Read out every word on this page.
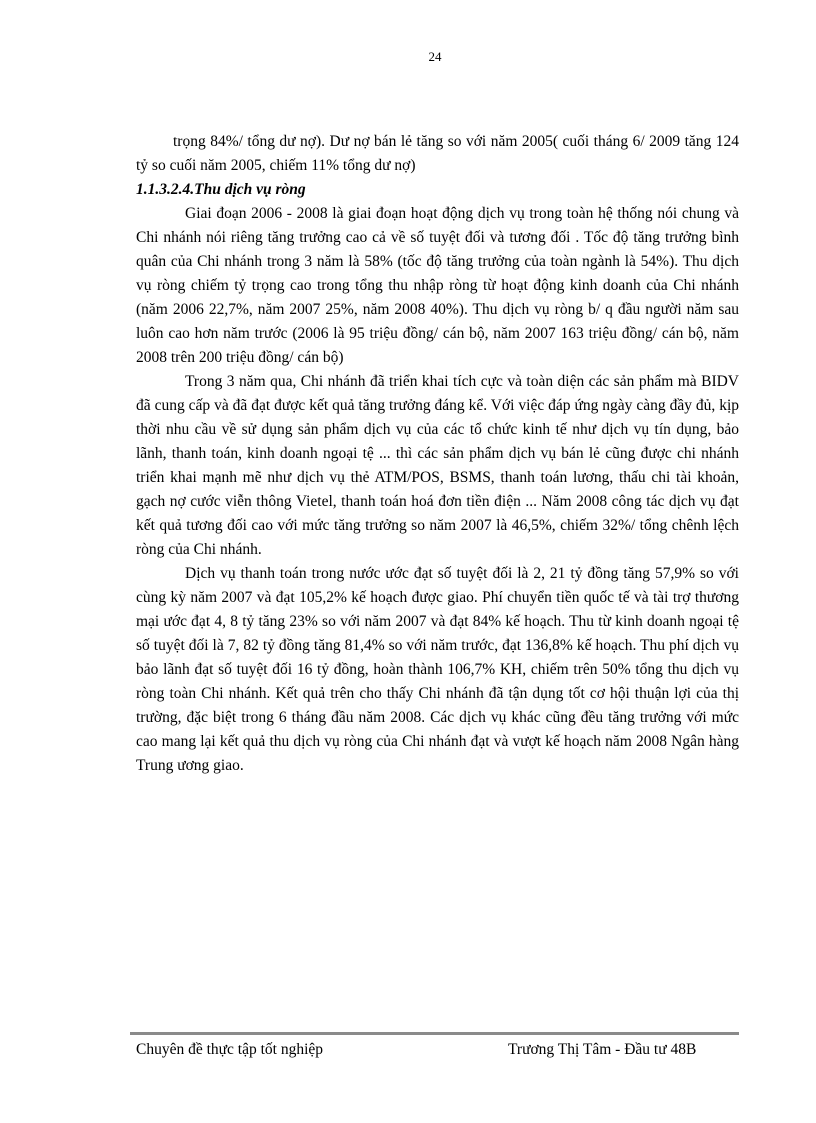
24

trọng 84%/ tổng dư nợ). Dư nợ bán lẻ tăng so với năm 2005( cuối tháng 6/ 2009 tăng 124 tỷ so cuối năm 2005, chiếm 11% tổng dư nợ)

1.1.3.2.4.Thu dịch vụ ròng

Giai đoạn 2006 - 2008 là giai đoạn hoạt động dịch vụ trong toàn hệ thống nói chung và Chi nhánh nói riêng tăng trưởng cao cả về số tuyệt đối và tương đối . Tốc độ tăng trưởng bình quân của Chi nhánh trong 3 năm là 58% (tốc độ tăng trưởng của toàn ngành là 54%). Thu dịch vụ ròng chiếm tỷ trọng cao trong tổng thu nhập ròng từ hoạt động kinh doanh của Chi nhánh (năm 2006 22,7%, năm 2007 25%, năm 2008 40%). Thu dịch vụ ròng b/ q đầu người năm sau luôn cao hơn năm trước (2006 là 95 triệu đồng/ cán bộ, năm 2007 163 triệu đồng/ cán bộ, năm 2008 trên 200 triệu đồng/ cán bộ)

Trong 3 năm qua, Chi nhánh đã triển khai tích cực và toàn diện các sản phẩm mà BIDV đã cung cấp và đã đạt được kết quả tăng trưởng đáng kể. Với việc đáp ứng ngày càng đầy đủ, kịp thời nhu cầu về sử dụng sản phẩm dịch vụ của các tổ chức kinh tế như dịch vụ tín dụng, bảo lãnh, thanh toán, kinh doanh ngoại tệ ... thì các sản phẩm dịch vụ bán lẻ cũng được chi nhánh triển khai mạnh mẽ như dịch vụ thẻ ATM/POS, BSMS, thanh toán lương, thấu chi tài khoản, gạch nợ cước viễn thông Vietel, thanh toán hoá đơn tiền điện ... Năm 2008 công tác dịch vụ đạt kết quả tương đối cao với mức tăng trưởng so năm 2007 là 46,5%, chiếm 32%/ tổng chênh lệch ròng của Chi nhánh.

Dịch vụ thanh toán trong nước ước đạt số tuyệt đối là 2, 21 tỷ đồng tăng 57,9% so với cùng kỳ năm 2007 và đạt 105,2% kế hoạch được giao. Phí chuyển tiền quốc tế và tài trợ thương mại ước đạt 4, 8 tỷ tăng 23% so với năm 2007 và đạt 84% kế hoạch. Thu từ kinh doanh ngoại tệ số tuyệt đối là 7, 82 tỷ đồng tăng 81,4% so với năm trước, đạt 136,8% kế hoạch. Thu phí dịch vụ bảo lãnh đạt số tuyệt đối 16 tỷ đồng, hoàn thành 106,7% KH, chiếm trên 50% tổng thu dịch vụ ròng toàn Chi nhánh. Kết quả trên cho thấy Chi nhánh đã tận dụng tốt cơ hội thuận lợi của thị trường, đặc biệt trong 6 tháng đầu năm 2008. Các dịch vụ khác cũng đều tăng trưởng với mức cao mang lại kết quả thu dịch vụ ròng của Chi nhánh đạt và vượt kế hoạch năm 2008 Ngân hàng Trung ương giao.

Chuyên đề thực tập tốt nghiệp	Trương Thị Tâm - Đầu tư 48B
